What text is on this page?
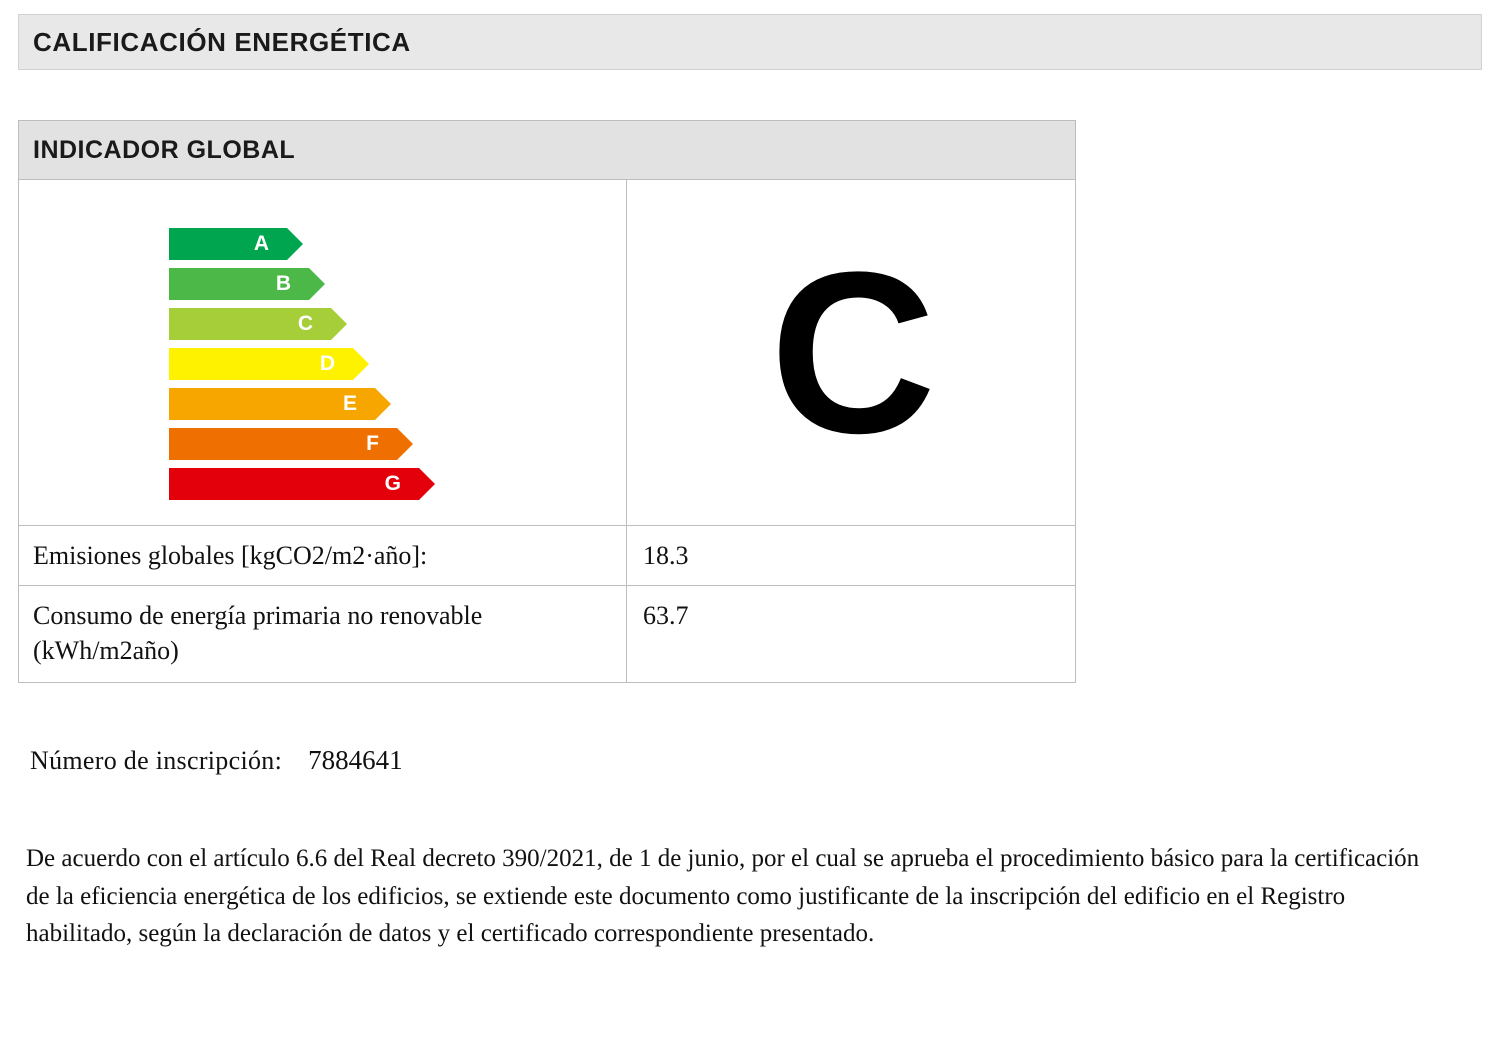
CALIFICACIÓN ENERGÉTICA
INDICADOR GLOBAL
A
B
C
D
E
F
G
C
Emisiones globales [kgCO2/m2·año]:	18.3
Consumo de energía primaria no renovable (kWh/m2año)
63.7
Número de inscripción: 7884641
De acuerdo con el artículo 6.6 del Real decreto 390/2021, de 1 de junio, por el cual se aprueba el procedimiento básico para la certificación de la eficiencia energética de los edificios, se extiende este documento como justificante de la inscripción del edificio en el Registro habilitado, según la declaración de datos y el certificado correspondiente presentado.
